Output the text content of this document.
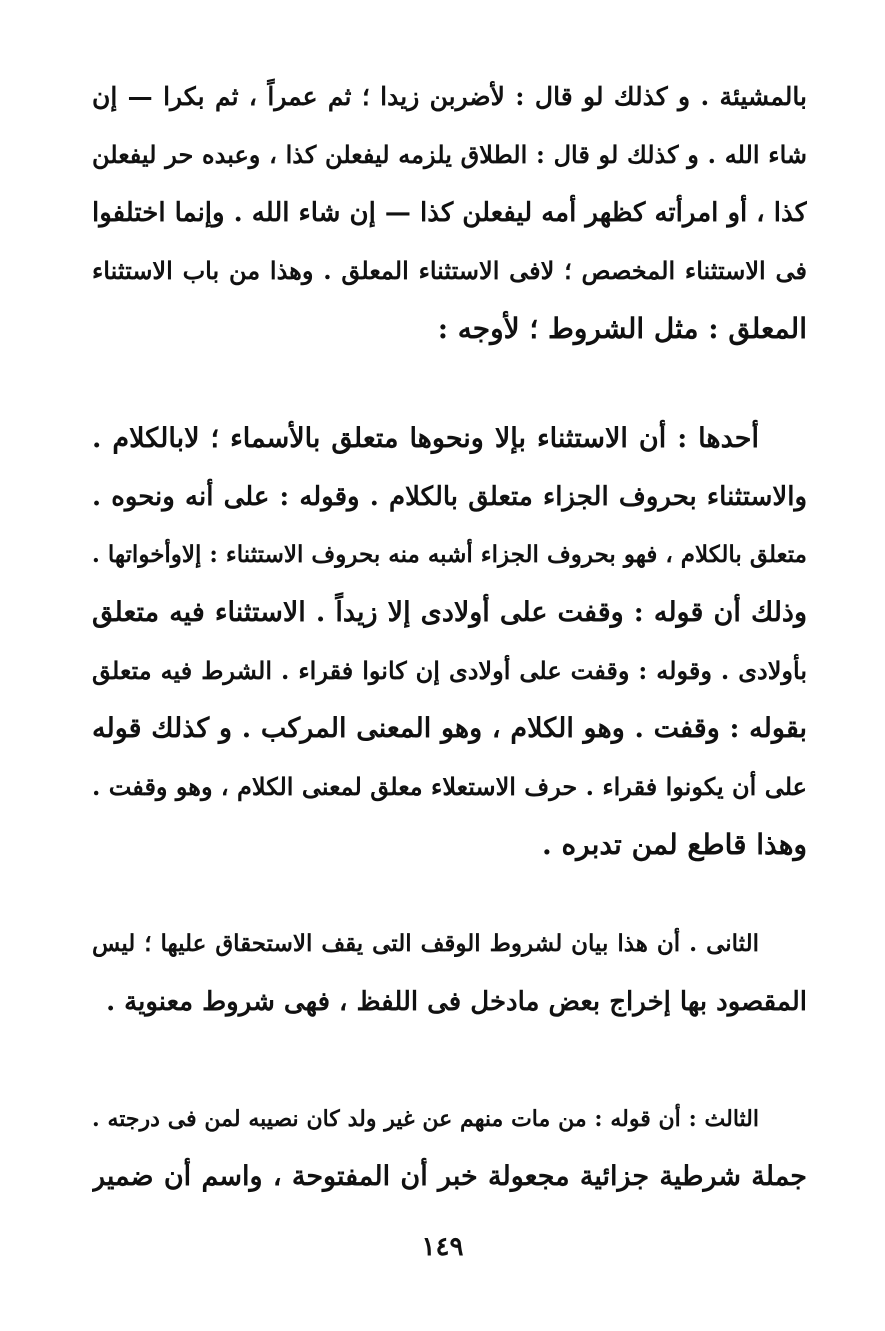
بالمشيئة . و كذلك لو قال : لأضربن زيدا ؛ ثم عمراً ، ثم بكرا — إن
شاء الله . و كذلك لو قال : الطلاق يلزمه ليفعلن كذا ، وعبده حر ليفعلن
كذا ، أو امرأته كظهر أمه ليفعلن كذا — إن شاء الله . وإنما اختلفوا
فى الاستثناء المخصص ؛ لافى الاستثناء المعلق . وهذا من باب الاستثناء
المعلق : مثل الشروط ؛ لأوجه :
أحدها : أن الاستثناء بإلا ونحوها متعلق بالأسماء ؛ لابالكلام .
والاستثناء بحروف الجزاء متعلق بالكلام . وقوله : على أنه ونحوه .
متعلق بالكلام ، فهو بحروف الجزاء أشبه منه بحروف الاستثناء : إلاوأخواتها .
وذلك أن قوله : وقفت على أولادى إلا زيداً . الاستثناء فيه متعلق
بأولادى . وقوله : وقفت على أولادى إن كانوا فقراء . الشرط فيه متعلق
بقوله : وقفت . وهو الكلام ، وهو المعنى المركب . و كذلك قوله
على أن يكونوا فقراء . حرف الاستعلاء معلق لمعنى الكلام ، وهو وقفت .
وهذا قاطع لمن تدبره .
الثانى . أن هذا بيان لشروط الوقف التى يقف الاستحقاق عليها ؛ ليس
المقصود بها إخراج بعض مادخل فى اللفظ ، فهى شروط معنوية .
الثالث : أن قوله : من مات منهم عن غير ولد كان نصيبه لمن فى درجته .
جملة شرطية جزائية مجعولة خبر أن المفتوحة ، واسم أن ضمير
١٤٩
